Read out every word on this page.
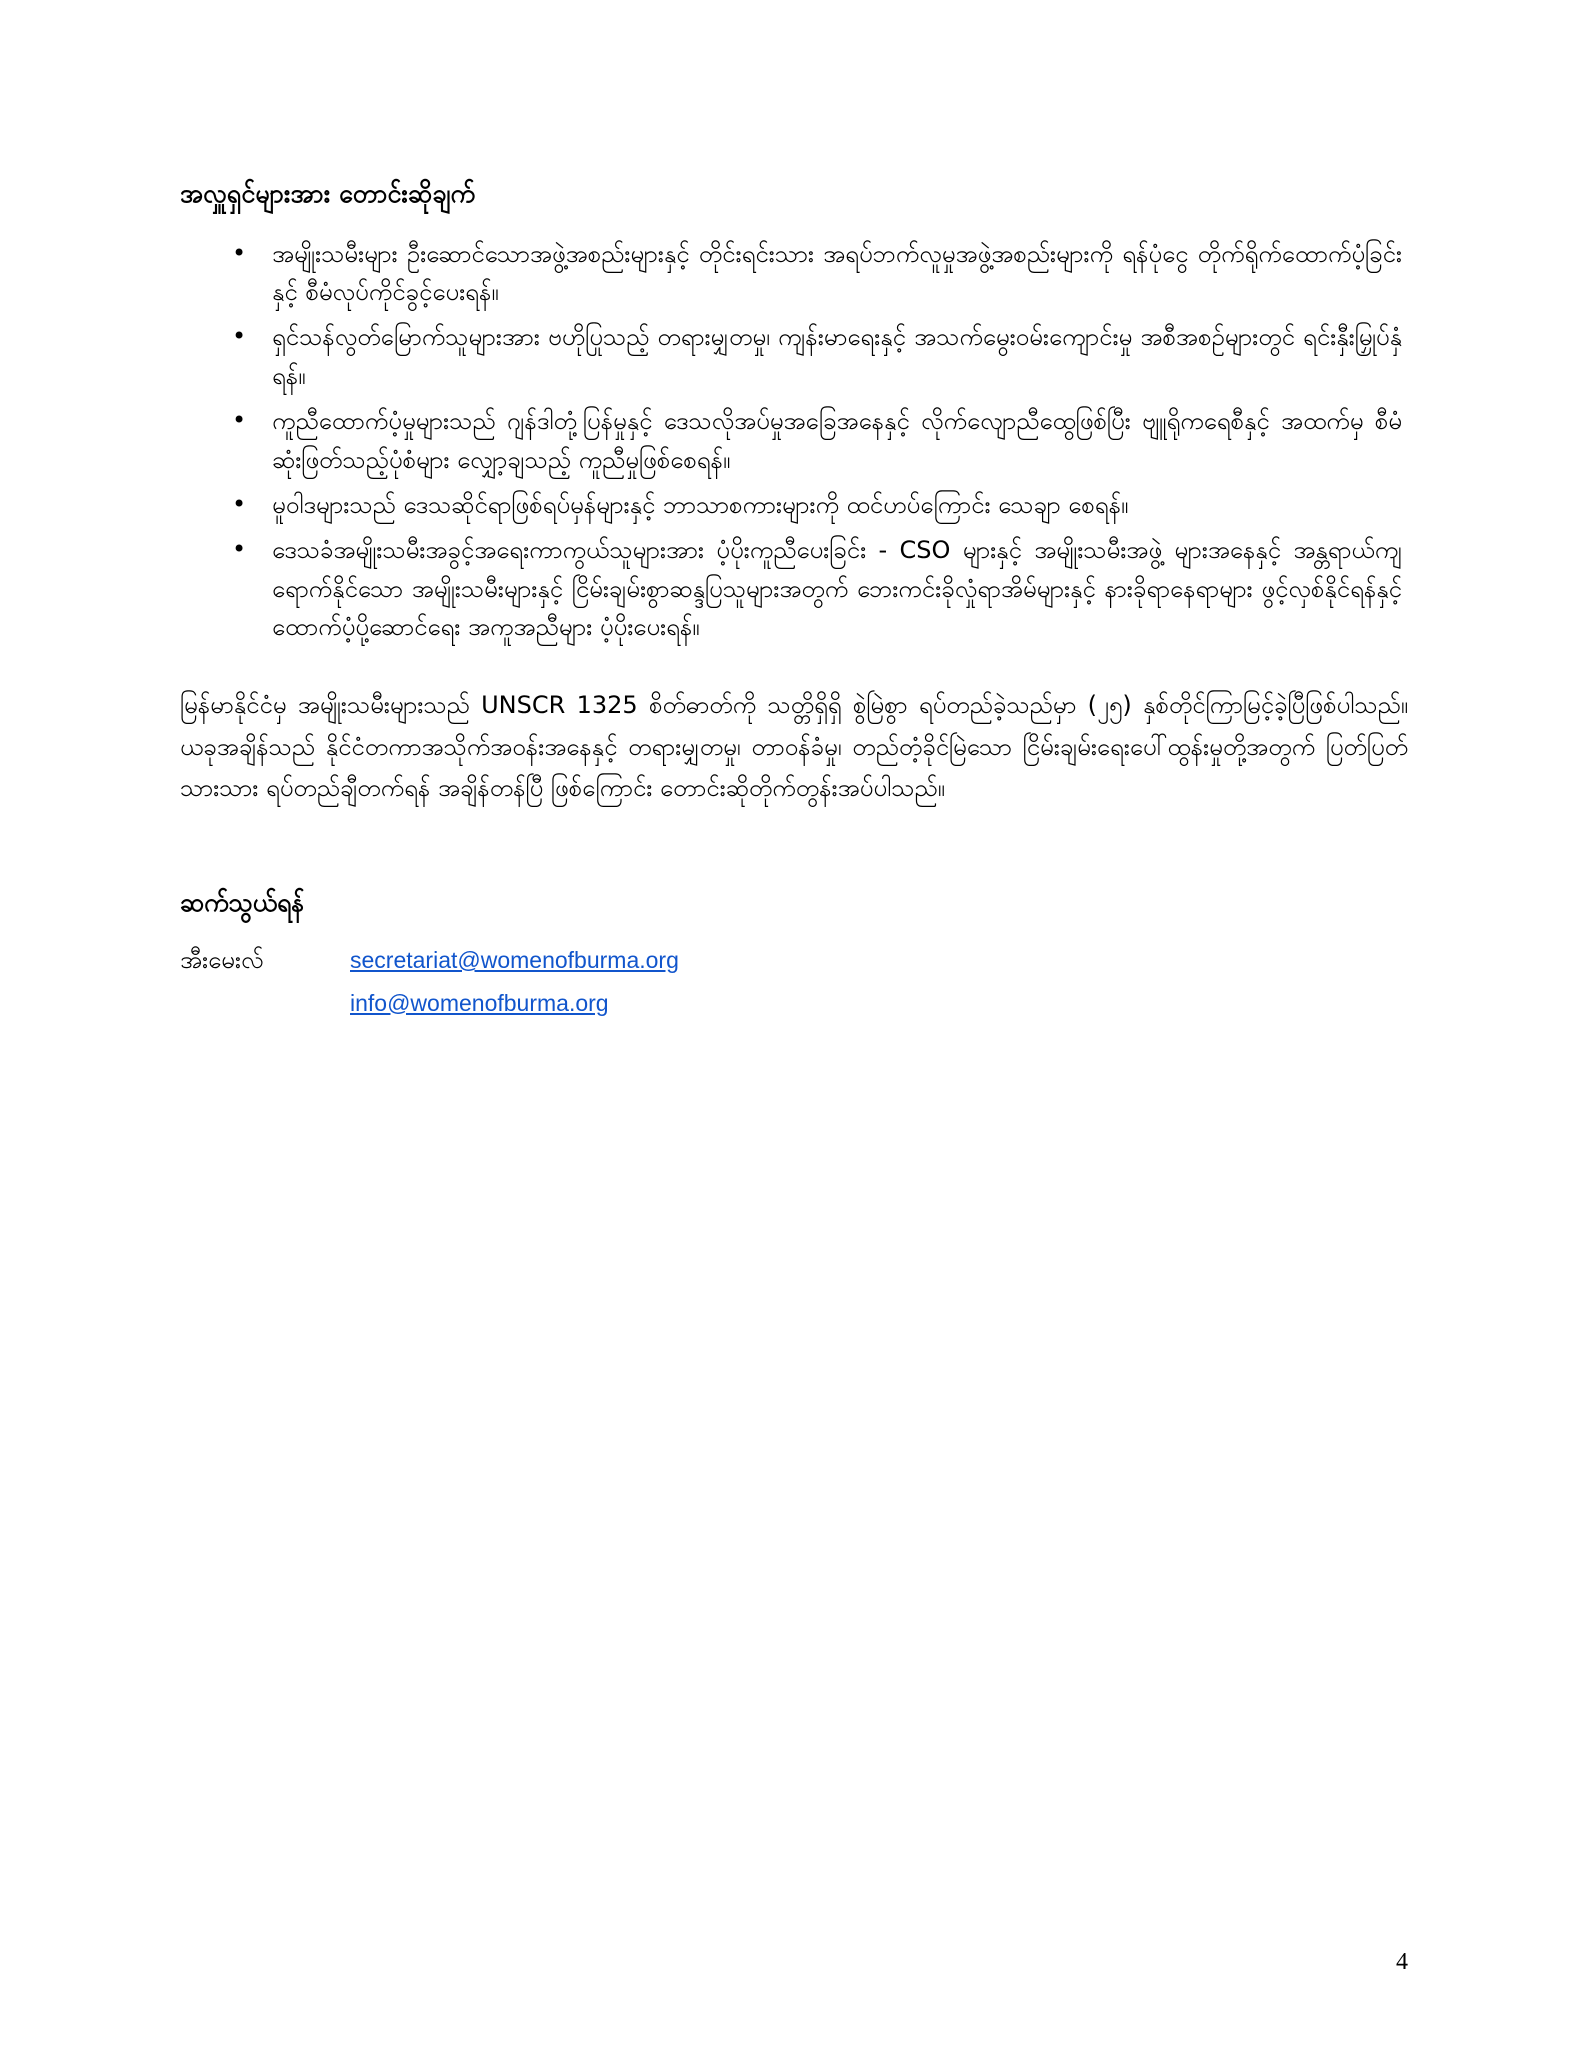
အလှူရှင်များအား တောင်းဆိုချက်
• အမျိုးသမီးများ ဦးဆောင်သောအဖွဲ့အစည်းများနှင့် တိုင်းရင်းသား အရပ်ဘက်လူမှုအဖွဲ့အစည်းများကို ရန်ပုံငွေ တိုက်ရိုက်ထောက်ပံ့ခြင်းနှင့် စီမံလုပ်ကိုင်ခွင့်ပေးရန်။
• ရှင်သန်လွတ်မြောက်သူများအား ဗဟိုပြုသည့် တရားမျှတမှု၊ ကျန်းမာရေးနှင့် အသက်မွေးဝမ်းကျောင်းမှု အစီအစဉ်များတွင် ရင်းနှီးမြှုပ်နှံရန်။
• ကူညီထောက်ပံ့မှုများသည် ဂျန်ဒါတုံ့ပြန်မှုနှင့် ဒေသလိုအပ်မှုအခြေအနေနှင့် လိုက်လျောညီထွေဖြစ်ပြီး ဗျူရိုကရေစီနှင့် အထက်မှ စီမံဆုံးဖြတ်သည့်ပုံစံများ လျှော့ချသည့် ကူညီမှုဖြစ်စေရန်။
• မူဝါဒများသည် ဒေသဆိုင်ရာဖြစ်ရပ်မှန်များနှင့် ဘာသာစကားများကို ထင်ဟပ်ကြောင်း သေချာ စေရန်။
• ဒေသခံအမျိုးသမီးအခွင့်အရေးကာကွယ်သူများအား ပံ့ပိုးကူညီပေးခြင်း - CSO များနှင့် အမျိုးသမီးအဖွဲ့ များအနေနှင့် အန္တရာယ်ကျရောက်နိုင်သော အမျိုးသမီးများနှင့် ငြိမ်းချမ်းစွာဆန္ဒပြသူများအတွက် ဘေးကင်းခိုလှုံရာအိမ်များနှင့် နားခိုရာနေရာများ ဖွင့်လှစ်နိုင်ရန်နှင့် ထောက်ပံ့ပို့ဆောင်ရေး အကူအညီများ ပံ့ပိုးပေးရန်။

မြန်မာနိုင်ငံမှ အမျိုးသမီးများသည် UNSCR 1325 စိတ်ဓာတ်ကို သတ္တိရှိရှိ စွဲမြဲစွာ ရပ်တည်ခဲ့သည်မှာ (၂၅) နှစ်တိုင်ကြာမြင့်ခဲ့ပြီဖြစ်ပါသည်။ ယခုအချိန်သည် နိုင်ငံတကာအသိုက်အဝန်းအနေနှင့် တရားမျှတမှု၊ တာဝန်ခံမှု၊ တည်တံ့ခိုင်မြဲသော ငြိမ်းချမ်းရေးပေါ်ထွန်းမှုတို့အတွက် ပြတ်ပြတ်သားသား ရပ်တည်ချီတက်ရန် အချိန်တန်ပြီ ဖြစ်ကြောင်း တောင်းဆိုတိုက်တွန်းအပ်ပါသည်။

ဆက်သွယ်ရန်
အီးမေးလ်	secretariat@womenofburma.org
info@womenofburma.org
4
